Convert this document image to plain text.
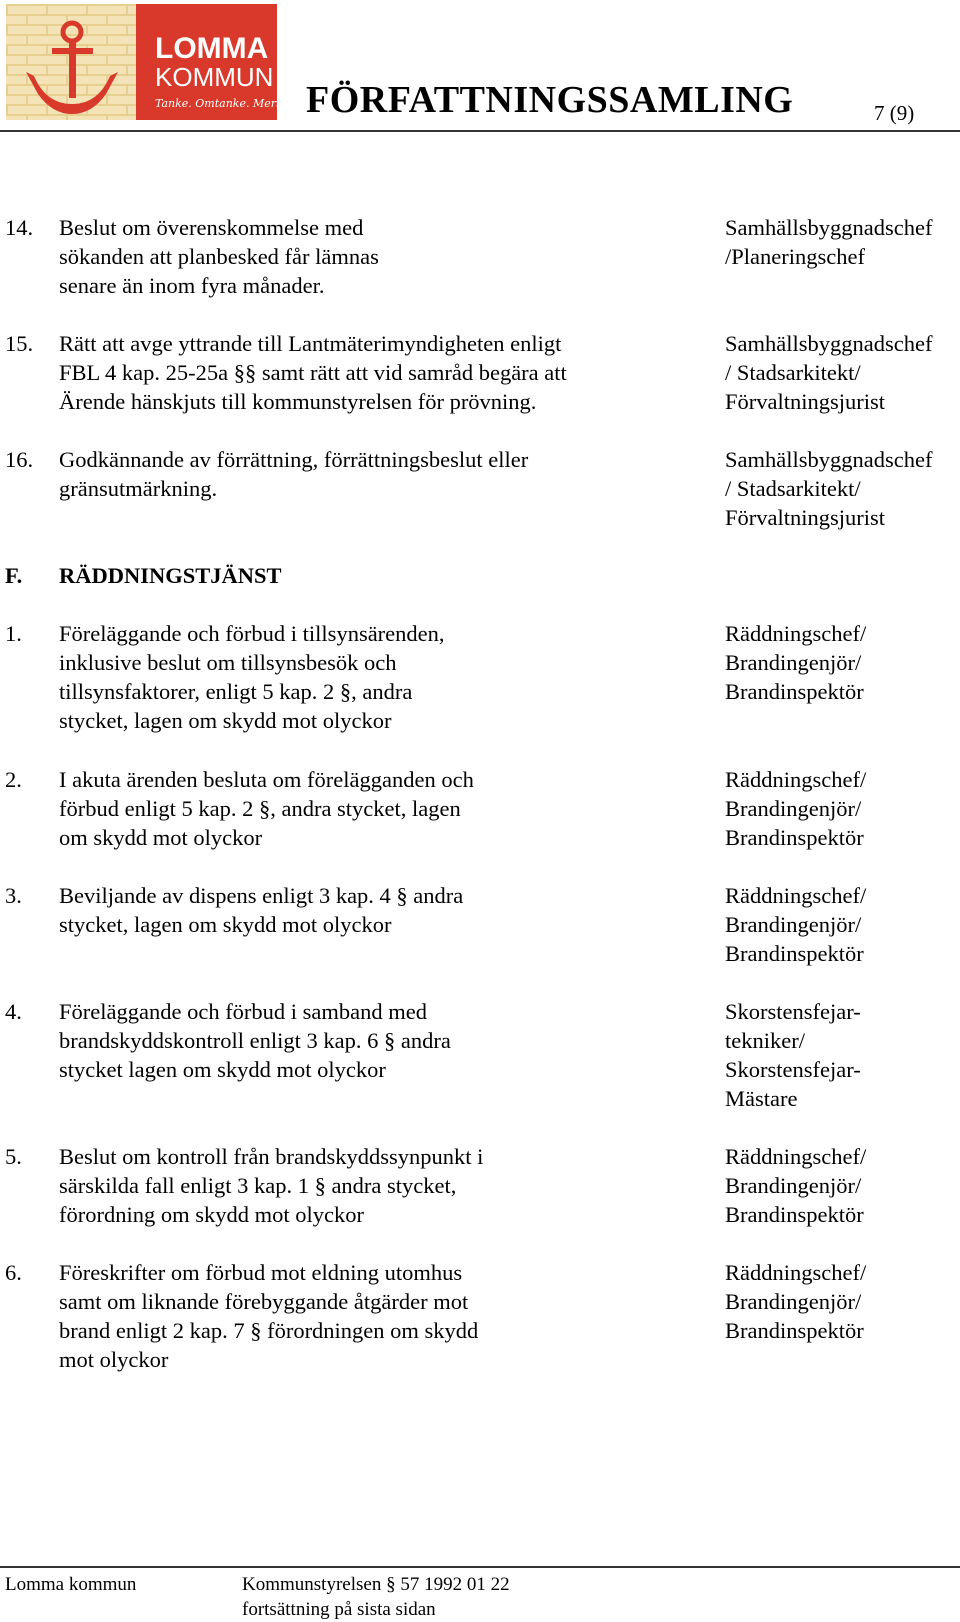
LOMMA
KOMMUN
Tanke. Omtanke. Mertanke!
FÖRFATTNINGSSAMLING	7 (9)
14. Beslut om överenskommelse med
sökanden att planbesked får lämnas
senare än inom fyra månader.
Samhällsbyggnadschef
/Planeringschef
15. Rätt att avge yttrande till Lantmäterimyndigheten enligt
FBL 4 kap. 25-25a §§ samt rätt att vid samråd begära att
Ärende hänskjuts till kommunstyrelsen för prövning.
Samhällsbyggnadschef
/ Stadsarkitekt/
Förvaltningsjurist
16. Godkännande av förrättning, förrättningsbeslut eller
gränsutmärkning.
Samhällsbyggnadschef
/ Stadsarkitekt/
Förvaltningsjurist
F. RÄDDNINGSTJÄNST
1. Föreläggande och förbud i tillsynsärenden,
inklusive beslut om tillsynsbesök och
tillsynsfaktorer, enligt 5 kap. 2 §, andra
stycket, lagen om skydd mot olyckor
Räddningschef/
Brandingenjör/
Brandinspektör
2. I akuta ärenden besluta om förelägganden och
förbud enligt 5 kap. 2 §, andra stycket, lagen
om skydd mot olyckor
Räddningschef/
Brandingenjör/
Brandinspektör
3. Beviljande av dispens enligt 3 kap. 4 § andra
stycket, lagen om skydd mot olyckor
Räddningschef/
Brandingenjör/
Brandinspektör
4. Föreläggande och förbud i samband med
brandskyddskontroll enligt 3 kap. 6 § andra
stycket lagen om skydd mot olyckor
Skorstensfejar-
tekniker/
Skorstensfejar-
Mästare
5. Beslut om kontroll från brandskyddssynpunkt i
särskilda fall enligt 3 kap. 1 § andra stycket,
förordning om skydd mot olyckor
Räddningschef/
Brandingenjör/
Brandinspektör
6. Föreskrifter om förbud mot eldning utomhus
samt om liknande förebyggande åtgärder mot
brand enligt 2 kap. 7 § förordningen om skydd
mot olyckor
Räddningschef/
Brandingenjör/
Brandinspektör
Lomma kommun	Kommunstyrelsen § 57 1992 01 22
fortsättning på sista sidan
